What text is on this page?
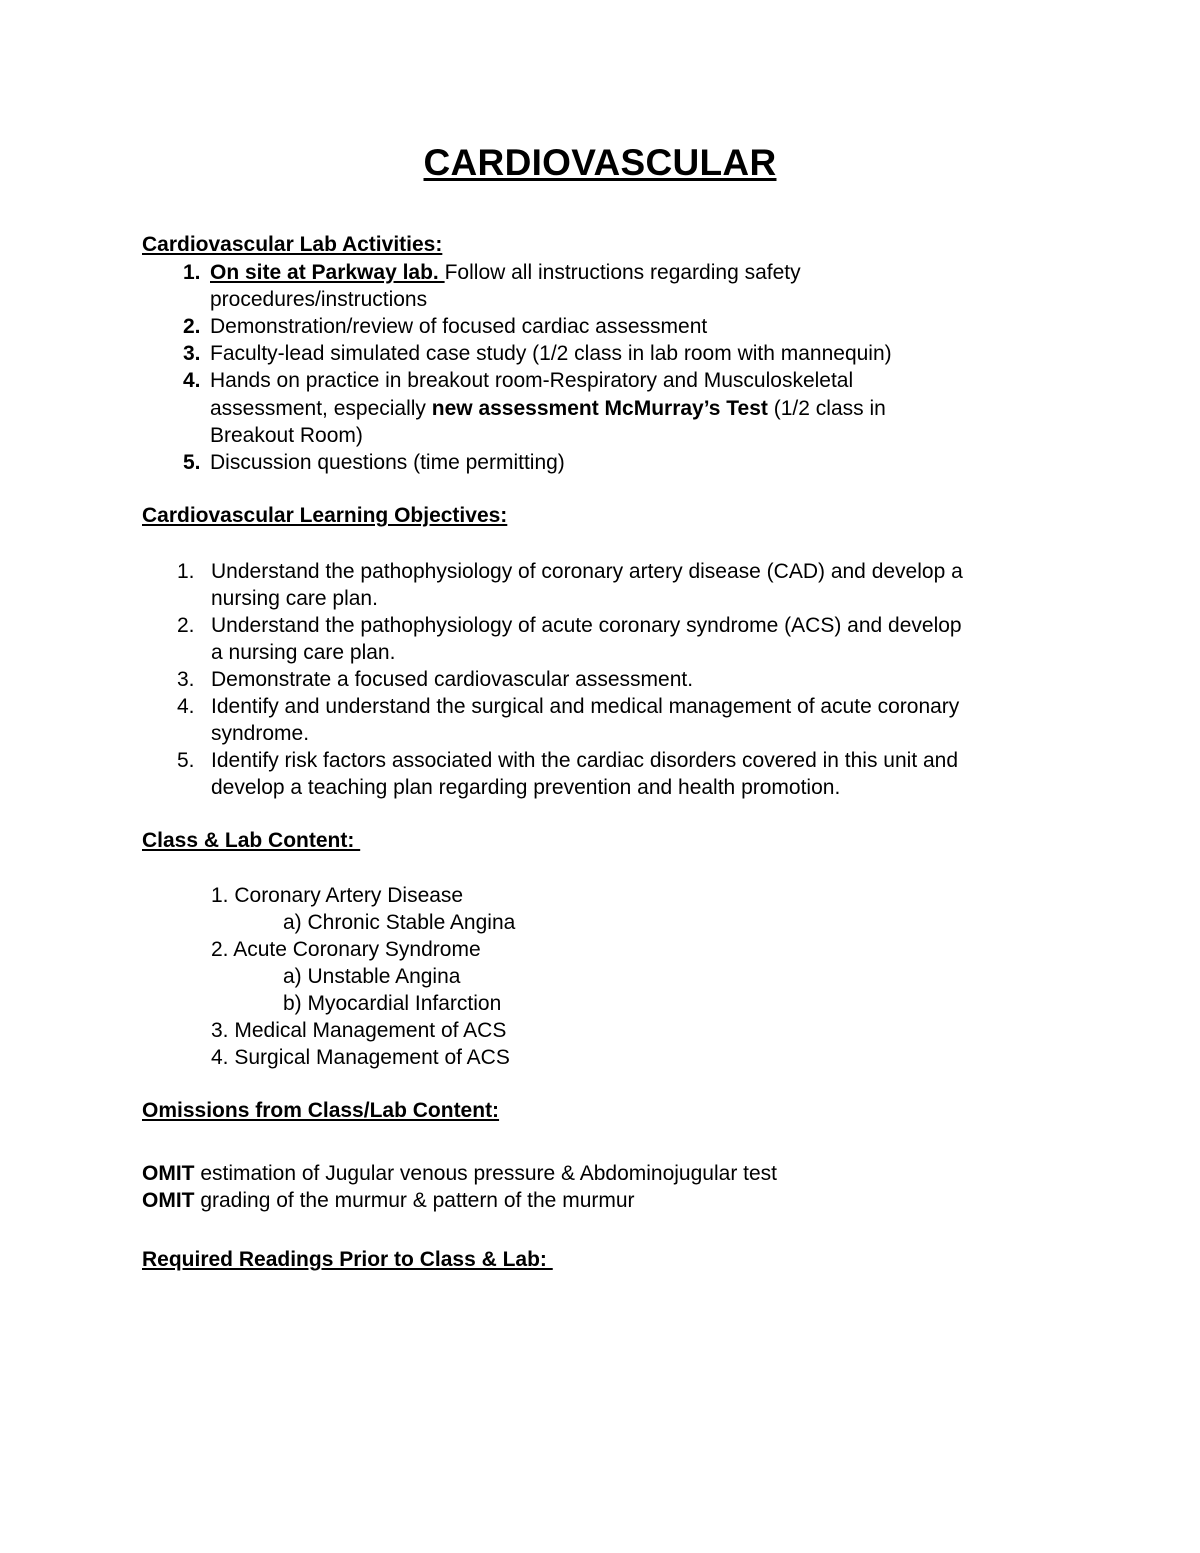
CARDIOVASCULAR
Cardiovascular Lab Activities:
1. On site at Parkway lab. Follow all instructions regarding safety
procedures/instructions
2. Demonstration/review of focused cardiac assessment
3. Faculty-lead simulated case study (1/2 class in lab room with mannequin)
4. Hands on practice in breakout room-Respiratory and Musculoskeletal
assessment, especially new assessment McMurray’s Test (1/2 class in
Breakout Room)
5. Discussion questions (time permitting)
Cardiovascular Learning Objectives:
1. Understand the pathophysiology of coronary artery disease (CAD) and develop a
nursing care plan.
2. Understand the pathophysiology of acute coronary syndrome (ACS) and develop
a nursing care plan.
3. Demonstrate a focused cardiovascular assessment.
4. Identify and understand the surgical and medical management of acute coronary
syndrome.
5. Identify risk factors associated with the cardiac disorders covered in this unit and
develop a teaching plan regarding prevention and health promotion.
Class & Lab Content:
1. Coronary Artery Disease
a) Chronic Stable Angina
2. Acute Coronary Syndrome
a) Unstable Angina
b) Myocardial Infarction
3. Medical Management of ACS
4. Surgical Management of ACS
Omissions from Class/Lab Content:
OMIT estimation of Jugular venous pressure & Abdominojugular test
OMIT grading of the murmur & pattern of the murmur
Required Readings Prior to Class & Lab:
